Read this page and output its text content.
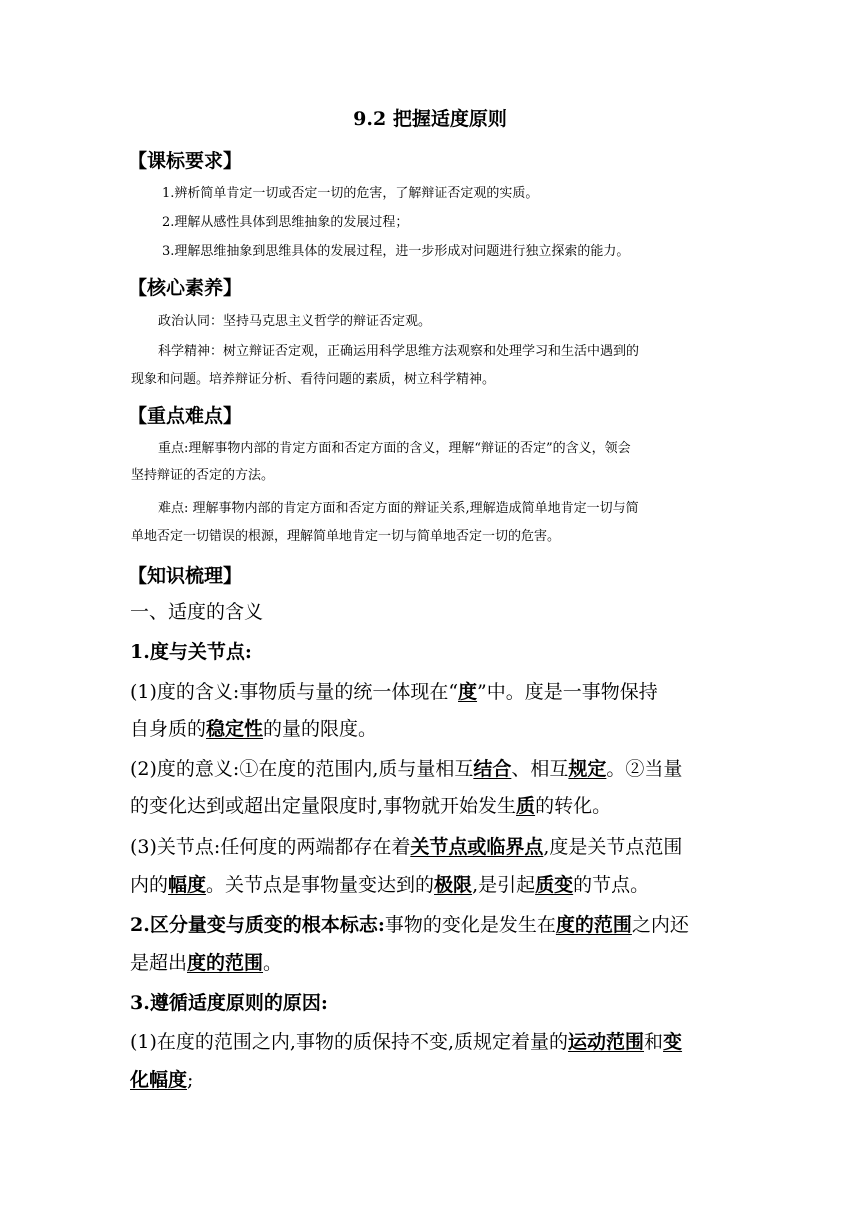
9.2 把握适度原则
【课标要求】
1.辨析简单肯定一切或否定一切的危害，了解辩证否定观的实质。
2.理解从感性具体到思维抽象的发展过程；
3.理解思维抽象到思维具体的发展过程，进一步形成对问题进行独立探索的能力。
【核心素养】
政治认同：坚持马克思主义哲学的辩证否定观。
科学精神：树立辩证否定观，正确运用科学思维方法观察和处理学习和生活中遇到的
现象和问题。培养辩证分析、看待问题的素质，树立科学精神。
【重点难点】
重点:理解事物内部的肯定方面和否定方面的含义，理解“辩证的否定”的含义，领会
坚持辩证的否定的方法。
难点: 理解事物内部的肯定方面和否定方面的辩证关系,理解造成简单地肯定一切与简
单地否定一切错误的根源，理解简单地肯定一切与简单地否定一切的危害。
【知识梳理】
一、适度的含义
1.度与关节点:
(1)度的含义:事物质与量的统一体现在“度”中。度是一事物保持
自身质的稳定性的量的限度。
(2)度的意义:①在度的范围内,质与量相互结合、相互规定。②当量
的变化达到或超出定量限度时,事物就开始发生质的转化。
(3)关节点:任何度的两端都存在着关节点或临界点,度是关节点范围
内的幅度。关节点是事物量变达到的极限,是引起质变的节点。
2.区分量变与质变的根本标志:事物的变化是发生在度的范围之内还
是超出度的范围。
3.遵循适度原则的原因:
(1)在度的范围之内,事物的质保持不变,质规定着量的运动范围和变
化幅度;
